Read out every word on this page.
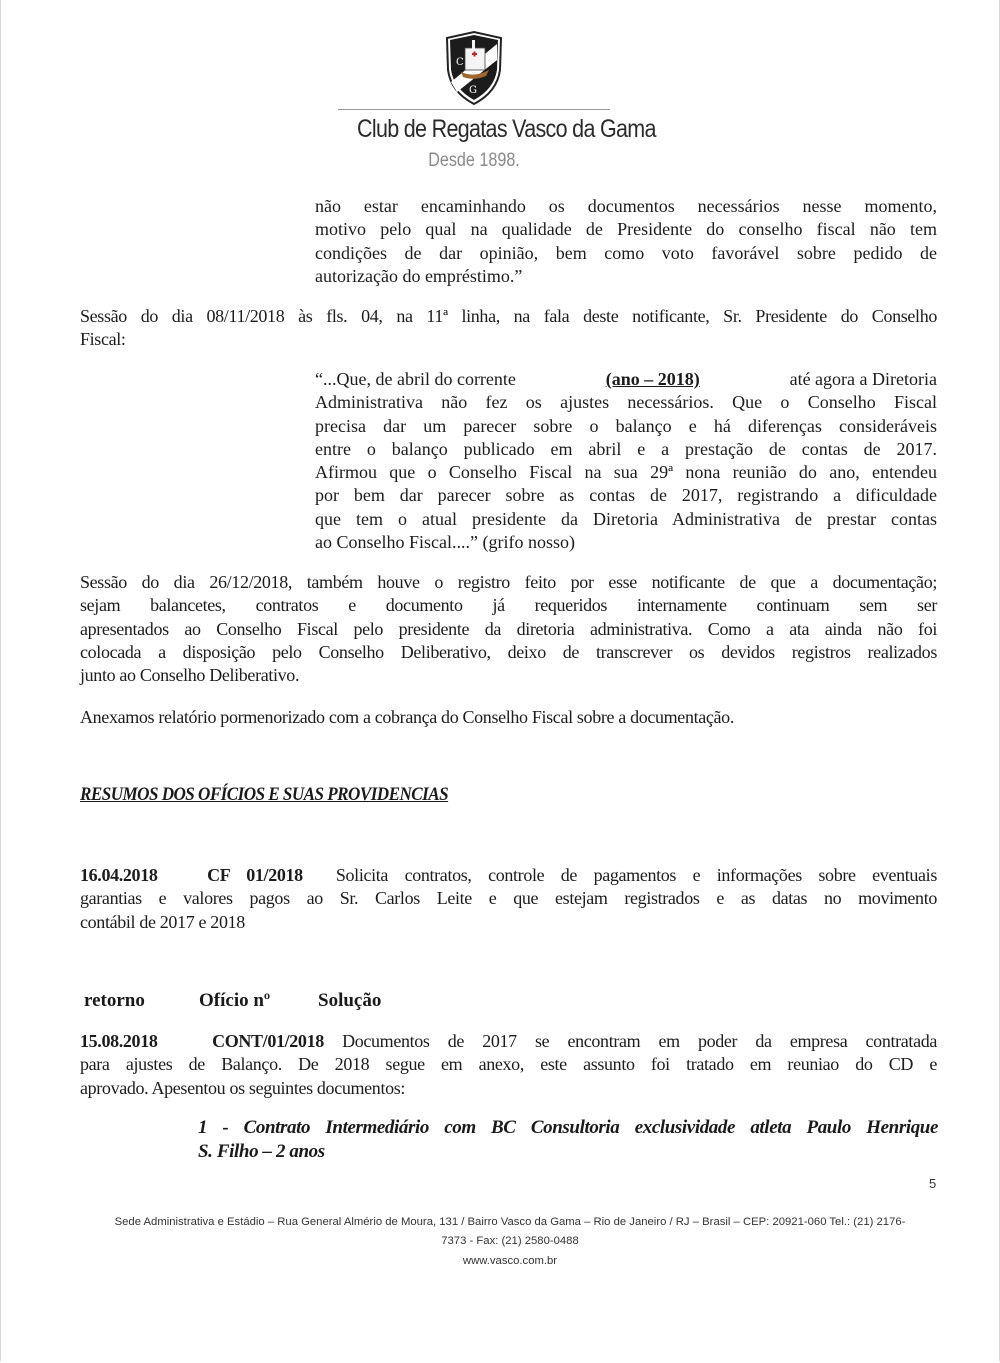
C
G
Club de Regatas Vasco da Gama
Desde 1898.
não estar encaminhando os documentos necessários nesse momento,
motivo pelo qual na qualidade de Presidente do conselho fiscal não tem
condições de dar opinião, bem como voto favorável sobre pedido de
autorização do empréstimo.”
Sessão do dia 08/11/2018 às fls. 04, na 11ª linha, na fala deste notificante, Sr. Presidente do Conselho
Fiscal:
“...Que, de abril do corrente	(ano – 2018)	até agora a Diretoria
Administrativa não fez os ajustes necessários. Que o Conselho Fiscal
precisa dar um parecer sobre o balanço e há diferenças consideráveis
entre o balanço publicado em abril e a prestação de contas de 2017.
Afirmou que o Conselho Fiscal na sua 29ª nona reunião do ano, entendeu
por bem dar parecer sobre as contas de 2017, registrando a dificuldade
que tem o atual presidente da Diretoria Administrativa de prestar contas
ao Conselho Fiscal....” (grifo nosso)
Sessão do dia 26/12/2018, também houve o registro feito por esse notificante de que a documentação;
sejam balancetes, contratos e documento já requeridos internamente continuam sem ser
apresentados ao Conselho Fiscal pelo presidente da diretoria administrativa. Como a ata ainda não foi
colocada a disposição pelo Conselho Deliberativo, deixo de transcrever os devidos registros realizados
junto ao Conselho Deliberativo.
Anexamos relatório pormenorizado com a cobrança do Conselho Fiscal sobre a documentação.
RESUMOS DOS OFÍCIOS E SUAS PROVIDENCIAS
16.04.2018	CF 01/2018 Solicita contratos, controle de pagamentos e informações sobre eventuais
garantias e valores pagos ao Sr. Carlos Leite e que estejam registrados e as datas no movimento
contábil de 2017 e 2018
retorno	Ofício nº	Solução
15.08.2018	CONT/01/2018 Documentos de 2017 se encontram em poder da empresa contratada
para ajustes de Balanço. De 2018 segue em anexo, este assunto foi tratado em reuniao do CD e
aprovado. Apesentou os seguintes documentos:
1 - Contrato Intermediário com BC Consultoria exclusividade atleta Paulo Henrique
S. Filho – 2 anos
5
Sede Administrativa e Estádio – Rua General Almério de Moura, 131 / Bairro Vasco da Gama – Rio de Janeiro / RJ – Brasil – CEP: 20921-060 Tel.: (21) 2176-
7373 - Fax: (21) 2580-0488
www.vasco.com.br
